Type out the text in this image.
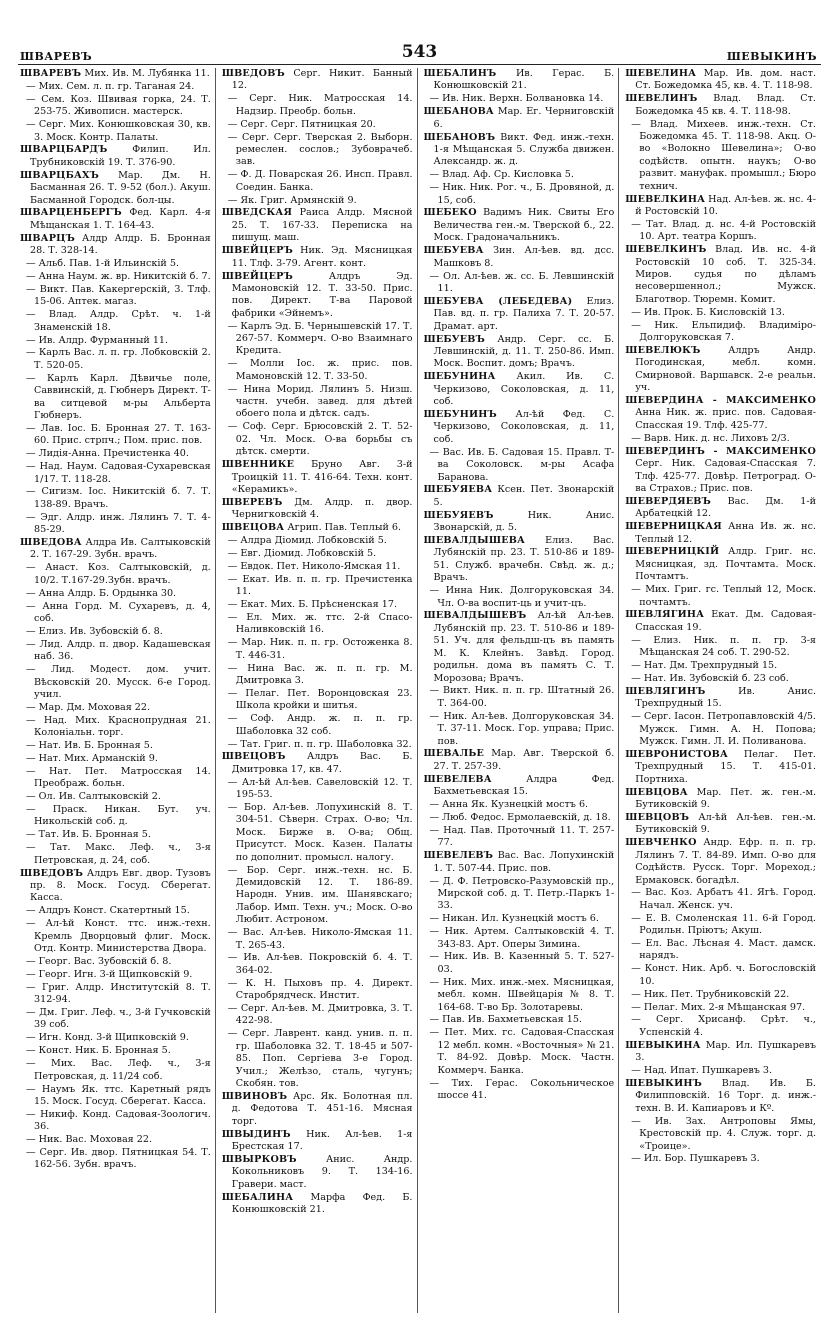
ШВАРЕВЪ	543	ШЕВЫКИНЪ
ШВАРЕВЪ Мих. Ив. М. Лубянка 11.
— Мих. Сем. л. п. гр. Таганая 24.
— Сем. Коз. Швивая горка, 24. Т. 253-75. Живописн. мастерск.
— Серг. Мих. Конюшковская 30, кв. 3. Моск. Контр. Палаты.
ШВАРЦБАРДЪ	Филип. Ил. Трубниковскій 19. Т. 376-90.
ШВАРЦБАХЪ Мар. Дм. Н. Басманная 26. Т. 9-52 (бол.). Акуш. Басманной Городск. бол-цы.
ШВАРЦЕНБЕРГЪ Фед. Карл. 4-я Мѣщанская 1. Т. 164-43.
ШВАРЦЪ Алдр Алдр. Б. Бронная 28. Т. 328-14.
— Альб. Пав. 1-й Ильинскій 5.
— Анна Наум. ж. вр. Никитскій б. 7.
— Викт. Пав. Какергерскій, 3. Тлф. 15-06. Аптек. магаз.
— Влад. Алдр. Срѣт. ч. 1-й Знаменскій 18.
— Ив. Алдр. Фурманный 11.
— Карлъ Вас. л. п. гр. Лобковскій 2. Т. 520-05.
— Карлъ Карл. Дѣвичье поле, Саввинскій, д. Гюбнеръ Директ. Т-ва ситцевой м-ры Альберта Гюбнеръ.
— Лав. Іос. Б. Бронная 27. Т. 163-60. Прис. стрпч.; Пом. прис. пов.
— Лидія-Анна. Пречистенка 40.
— Над. Наум. Садовая-Сухаревская 1/17. Т. 118-28.
— Сигизм. Іос. Никитскій б. 7. Т. 138-89. Врачъ.
— Эдг. Алдр. инж. Лялинъ 7. Т. 4-85-29.
ШВЕДОВА Алдра Ив. Салтыковскій 2. Т. 167-29. Зубн. врачъ.
— Анаст. Коз. Салтыковскій, д. 10/2. Т.167-29.Зубн. врачъ.
— Анна Алдр. Б. Ордынка 30.
— Анна Горд. М. Сухаревъ, д. 4, соб.
— Елиз. Ив. Зубовскій б. 8.
— Лид. Алдр. п. двор. Кадашевская наб. 36.
— Лид. Модест. дом. учит. Вѣсковскій 20. Мусск. 6-е Город. учил.
— Мар. Дм. Моховая 22.
— Над. Мих. Краснопрудная 21. Колоніальн. торг.
— Нат. Ив. Б. Бронная 5.
— Нат. Мих. Арманскій 9.
— Нат. Пет. Матросская 14. Преображ. больн.
— Ол. Ив. Салтыковскій 2.
— Праск. Никан. Бут. уч. Никольскій соб. д.
— Тат. Ив. Б. Бронная 5.
— Тат. Макс. Леф. ч., 3-я Петровская, д. 24, соб.
ШВЕДОВЪ Алдръ Евг. двор. Тузовъ пр. 8. Моск. Госуд. Сберегат. Касса.
— Алдръ Конст. Скатертный 15.
— Ал-ѣй Конст. ттс. инж.-техн. Кремль Дворцовый флиг. Моск. Отд. Контр. Министерства Двора.
— Георг. Вас. Зубовскій б. 8.
— Георг. Игн. 3-й Щипковскій 9.
— Григ. Алдр. Институтскій 8. Т. 312-94.
— Дм. Григ. Леф. ч., 3-й Гучковскій 39 соб.
— Игн. Конд. 3-й Щипковскій 9.
— Конст. Ник. Б. Бронная 5.
— Мих. Вас. Леф. ч., 3-я Петровская, д. 11/24 соб.
— Наумъ Як. ттс. Каретный рядъ 15. Моск. Госуд. Сберегат. Касса.
— Никиф. Конд. Садовая-Зоологич. 36.
— Ник. Вас. Моховая 22.
— Серг. Ив. двор. Пятницкая 54. Т. 162-56. Зубн. врачъ.
ШВЕДОВЪ Серг. Никит. Банный 12.
— Серг. Ник. Матросская 14. Надзир. Преобр. больн.
— Серг. Серг. Пятницкая 20.
— Серг. Серг. Тверская 2. Выборн. ремеслен. сослов.; Зубоврачеб. зав.
— Ф. Д. Поварская 26. Инсп. Правл. Соедин. Банка.
— Як. Григ. Армянскій 9.
ШВЕДСКАЯ Раиса Алдр. Мясной 25. Т. 167-33. Переписка на пишущ. маш.
ШВЕЙЦЕРЪ Ник. Эд. Мясницкая 11. Тлф. 3-79. Агент. конт.
ШВЕЙЦЕРЪ	Алдръ Эд. Мамоновскій 12. Т. 33-50. Прис. пов. Директ. Т-ва Паровой фабрики «Эйнемъ».
— Карлъ Эд. Б. Чернышевскій 17. Т. 267-57. Коммерч. О-во Взаимнаго Кредита.
— Молли Іос. ж. прис. пов. Мамоновскій 12. Т. 33-50.
— Нина Морид. Лялинъ 5. Низш. частн. учебн. завед. для дѣтей обоего пола и дѣтск. садъ.
— Соф. Серг. Брюсовскій 2. Т. 52-02. Чл. Моск. О-ва борьбы съ дѣтск. смерти.
ШВЕННИКЕ Бруно Авг. 3-й Троицкій 11. Т. 416-64. Техн. конт. «Керамикъ».
ШВЕРЕВЪ Дм. Алдр. п. двор. Чернигковскій 4.
ШВЕЦОВА Агрип. Пав. Теплый 6.
— Алдра Діомид. Лобковскій 5.
— Евг. Діомид. Лобковскій 5.
— Евдок. Пет. Николо-Ямская 11.
— Екат. Ив. п. п. гр. Пречистенка 11.
— Екат. Мих. Б. Прѣсненская 17.
— Ел. Мих. ж. ттс. 2-й Спасо-Наливковскій 16.
— Мар. Ник. п. п. гр. Остоженка 8. Т. 446-31.
— Нина Вас. ж. п. п. гр. М. Дмитровка 3.
— Пелаг. Пет. Воронцовская 23. Школа кройки и шитья.
— Соф. Андр. ж. п. п. гр. Шаболовка 32 соб.
— Тат. Григ. п. п. гр. Шаболовка 32.
ШВЕЦОВЪ Алдръ Вас. Б. Дмитровка 17, кв. 47.
— Ал-ѣй Ал-ѣев. Савеловскій 12. Т. 195-53.
— Бор. Ал-ѣев. Лопухинскій 8. Т. 304-51. Сѣверн. Страх. О-во; Чл. Моск. Бирже в. О-ва; Общ. Присутст. Моск. Казен. Палаты по дополнит. промысл. налогу.
— Бор. Серг. инж.-техн. нс. Б. Демидовскій 12. Т. 186-89. Народн. Унив. им. Шанявскаго; Лабор. Имп. Техн. уч.; Моск. О-во Любит. Астроном.
— Вас. Ал-ѣев. Николо-Ямская 11. Т. 265-43.
— Ив. Ал-ѣев. Покровскій б. 4. Т. 364-02.
— К. Н. Пыховъ пр. 4. Директ. Старобрядческ. Инстит.
— Серг. Ал-ѣев. М. Дмитровка, 3. Т. 422-98.
— Серг. Лаврент. канд. унив. п. п. гр. Шаболовка 32. Т. 18-45 и 507-85. Поп. Сергіева 3-е Город. Учил.; Желѣзо, сталь, чугунъ; Скобян. тов.
ШВИНОВЪ Арс. Як. Болотная пл. д. Федотова Т. 451-16. Мясная торг.
ШВЫДИНЪ Ник. Ал-ѣев. 1-я Брестская 17.
ШВЫРКОВЪ	Анис. Андр. Кокольниковъ 9. Т. 134-16. Гравери. маст.
ШЕБАЛИНА Марфа Фед. Б. Конюшковскій 21.
ШЕБАЛИНЪ Ив. Герас. Б. Конюшковскій 21.
— Ив. Ник. Верхн. Болвановка 14.
ШЕБАНОВА Мар. Ег. Черниговскій 6.
ШЕБАНОВЪ Викт. Фед. инж.-техн. 1-я Мѣщанская 5. Служба движен. Александр. ж. д.
— Влад. Аф. Ср. Кисловка 5.
— Ник. Ник. Рог. ч., Б. Дровяной, д. 15, соб.
ШЕБЕКО Вадимъ Ник. Свиты Его Величества ген.-м. Тверской б., 22. Моск. Градоначальникъ.
ШЕБУЕВА Зин. Ал-ѣев. вд. дсс. Машковъ 8.
— Ол. Ал-ѣев. ж. сс. Б. Левшинскій 11.
ШЕБУЕВА (ЛЕБЕДЕВА) Елиз. Пав. вд. п. гр. Палиха 7. Т. 20-57. Драмат. арт.
ШЕБУЕВЪ Андр. Серг. сс. Б. Левшинскій, д. 11. Т. 250-86. Имп. Моск. Воспит. домъ; Врачъ.
ШЕБУНИНА Акил. Ив. С. Черкизово, Соколовская, д. 11, соб.
ШЕБУНИНЪ Ал-ѣй Фед. С. Черкизово, Соколовская, д. 11, соб.
— Вас. Ив. Б. Садовая 15. Правл. Т-ва Соколовск. м-ры Асафа Баранова.
ШЕБУЯЕВА Ксен. Пет. Звонарскій 5.
ШЕБУЯЕВЪ	Ник. Анис. Звонарскій, д. 5.
ШЕВАЛДЫШЕВА Елиз. Вас. Лубянскій пр. 23. Т. 510-86 и 189-51. Служб. врачебн. Свѣд. ж. д.; Врачъ.
— Инна Ник. Долгоруковская 34. Чл. О-ва воспит-ць и учит-цъ.
ШЕВАЛДЫШЕВЪ Ал-ѣй Ал-ѣев. Лубянскій пр. 23. Т. 510-86 и 189-51. Уч. для фельдш-цъ въ память М. К. Клейнъ. Завѣд. Город. родильн. дома въ память С. Т. Морозова; Врачъ.
— Викт. Ник. п. п. гр. Штатный 26. Т. 364-00.
— Ник. Ал-ѣев. Долгоруковская 34. Т. 37-11. Моск. Гор. управа; Прис. пов.
ШЕВАЛЬЕ Мар. Авг. Тверской б. 27. Т. 257-39.
ШЕВЕЛЕВА	Алдра Фед. Бахметьевская 15.
— Анна Як. Кузнецкій мостъ 6.
— Люб. Федос. Ермолаевскій, д. 18.
— Над. Пав. Проточный 11. Т. 257-77.
ШЕВЕЛЕВЪ Вас. Вас. Лопухинскій 1. Т. 507-44. Прис. пов.
— Д. Ф. Петровско-Разумовскій пр., Мирской соб. д. Т. Петр.-Паркъ 1-33.
— Никан. Ил. Кузнецкій мостъ 6.
— Ник. Артем. Салтыковскій 4. Т. 343-83. Арт. Оперы Зимина.
— Ник. Ив. В. Казенный 5. Т. 527-03.
— Ник. Мих. инж.-мех. Мясницкая, мебл. комн. Швейцарія № 8. Т. 164-68. Т-во Бр. Золотаревы.
— Пав. Ив. Бахметьевская 15.
— Пет. Мих. гс. Садовая-Спасская 12 мебл. комн. «Восточныя» № 21. Т. 84-92. Довѣр. Моск. Частн. Коммерч. Банка.
— Тих. Герас. Сокольническое шоссе 41.
ШЕВЕЛИНА Мар. Ив. дом. наст. Ст. Божедомка 45, кв. 4. Т. 118-98.
ШЕВЕЛИНЪ Влад. Влад. Ст. Божедомка 45 кв. 4. Т. 118-98.
— Влад. Михеев. инж.-техн. Ст. Божедомка 45. Т. 118-98. Акц. О-во «Волокно Шевелина»; О-во содѣйств. опытн. наукъ; О-во развит. мануфак. промышл.; Бюро технич.
ШЕВЕЛКИНА Над. Ал-ѣев. ж. нс. 4-й Ростовскій 10.
— Тат. Влад. д. нс. 4-й Ростовскій 10. Арт. театра Коршъ.
ШЕВЕЛКИНЪ Влад. Ив. нс. 4-й Ростовскій 10 соб. Т. 325-34. Миров. судья по дѣламъ несовершеннол.; Мужск. Благотвор. Тюремн. Комит.
— Ив. Прок. Б. Кисловскій 13.
— Ник. Ельпидиф. Владиміро-Долгоруковская 7.
ШЕВЕЛЮКЪ	Алдръ Андр. Погодинская, мебл. комн. Смирновой. Варшавск. 2-е реальн. уч.
ШЕВЕРДИНА - МАКСИМЕНКО Анна Ник. ж. прис. пов. Садовая-Спасская 19. Тлф. 425-77.
— Варв. Ник. д. нс. Лиховъ 2/3.
ШЕВЕРДИНЪ - МАКСИМЕНКО Серг. Ник. Садовая-Спасская 7. Тлф. 425-77. Довѣр. Петроград. О-ва Страхов.; Прис. пов.
ШЕВЕРДЯЕВЪ Вас. Дм. 1-й Арбатецкій 12.
ШЕВЕРНИЦКАЯ Анна Ив. ж. нс. Теплый 12.
ШЕВЕРНИЦКІЙ Алдр. Григ. нс. Мясницкая, зд. Почтамта. Моск. Почтамтъ.
— Мих. Григ. гс. Теплый 12, Моск. почтамтъ.
ШЕВЛЯГИНА Екат. Дм. Садовая-Спасская 19.
— Елиз. Ник. п. п. гр. 3-я Мѣщанская 24 соб. Т. 290-52.
— Нат. Дм. Трехпрудный 15.
— Нат. Ив. Зубовскій б. 23 соб.
ШЕВЛЯГИНЪ	Ив. Анис. Трехпрудный 15.
— Серг. Іасон. Петропавловскій 4/5. Мужск. Гимн. А. Н. Попова; Мужск. Гимн. Л. И. Поливанова.
ШЕВРОНИСТОВА Пелаг. Пет. Трехпрудный 15. Т. 415-01. Портниха.
ШЕВЦОВА Мар. Пет. ж. ген.-м. Бутиковскій 9.
ШЕВЦОВЪ Ал-ѣй Ал-ѣев. ген.-м. Бутиковскій 9.
ШЕВЧЕНКО Андр. Ефр. п. п. гр. Лялинъ 7. Т. 84-89. Имп. О-во для Содѣйств. Русск. Торг. Мореход.; Ермаковск. богадѣл.
— Вас. Коз. Арбатъ 41. Ягѣ. Город. Начал. Женск. уч.
— Е. В. Смоленская 11. 6-й Город. Родильн. Пріютъ; Акуш.
— Ел. Вас. Лѣсная 4. Маст. дамск. нарядъ.
— Конст. Ник. Арб. ч. Богословскій 10.
— Ник. Пет. Трубниковскій 22.
— Пелаг. Мих. 2-я Мѣщанская 97.
— Серг. Хрисанф. Срѣт. ч., Успенскій 4.
ШЕВЫКИНА Мар. Ил. Пушкаревъ 3.
— Над. Ипат. Пушкаревъ 3.
ШЕВЫКИНЪ Влад. Ив. Б. Филипповскій. 16 Торг. д. инж.-техн. В. И. Капиаровъ и Кº.
— Ив. Зах. Антроповы Ямы, Крестовскій пр. 4. Служ. торг. д. «Троице».
— Ил. Бор. Пушкаревъ 3.
